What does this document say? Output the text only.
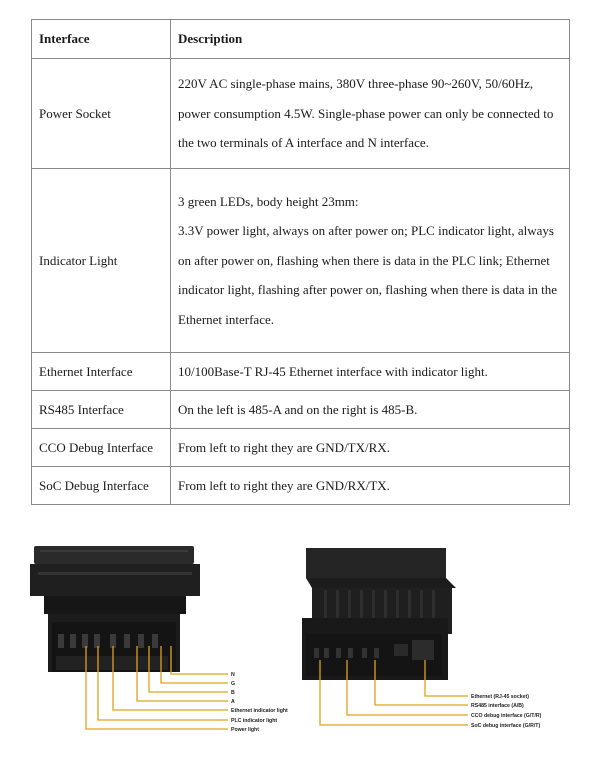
Interface	Description
Power Socket	220V AC single-phase mains, 380V three-phase 90~260V, 50/60Hz, power consumption 4.5W. Single-phase power can only be connected to the two terminals of A interface and N interface.

Indicator Light	3 green LEDs, body height 23mm:

3.3V power light, always on after power on; PLC indicator light, always on after power on, flashing when there is data in the PLC link; Ethernet indicator light, flashing after power on, flashing when there is data in the Ethernet interface.

Ethernet Interface	10/100Base-T RJ-45 Ethernet interface with indicator light.
RS485 Interface	On the left is 485-A and on the right is 485-B.
CCO Debug Interface	From left to right they are GND/TX/RX.
SoC Debug Interface	From left to right they are GND/RX/TX.
N
G
B
A
Ethernet indicator light
PLC indicator light
Power light
Ethernet (RJ-45 socket)
RS485 interface (A/B)
CCO debug interface (G/T/R)
SoC debug interface (G/R/T)
